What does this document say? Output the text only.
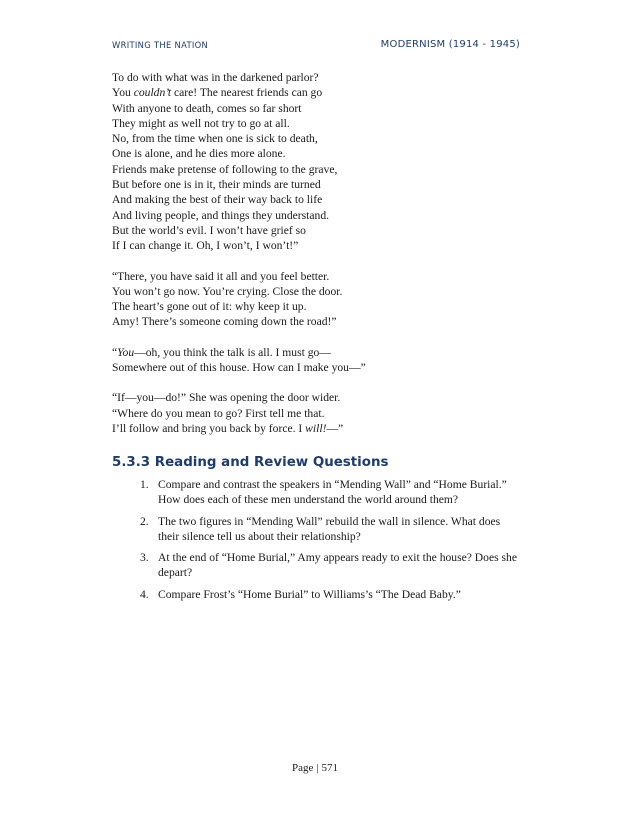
WRITING THE NATION	MODERNISM (1914 - 1945)
To do with what was in the darkened parlor?
You couldn’t care! The nearest friends can go
With anyone to death, comes so far short
They might as well not try to go at all.
No, from the time when one is sick to death,
One is alone, and he dies more alone.
Friends make pretense of following to the grave,
But before one is in it, their minds are turned
And making the best of their way back to life
And living people, and things they understand.
But the world’s evil. I won’t have grief so
If I can change it. Oh, I won’t, I won’t!”
“There, you have said it all and you feel better.
You won’t go now. You’re crying. Close the door.
The heart’s gone out of it: why keep it up.
Amy! There’s someone coming down the road!”
“You—oh, you think the talk is all. I must go—
Somewhere out of this house. How can I make you—”
“If—you—do!” She was opening the door wider.
“Where do you mean to go? First tell me that.
I’ll follow and bring you back by force. I will!—”
5.3.3 Reading and Review Questions
1. Compare and contrast the speakers in “Mending Wall” and “Home Burial.”
How does each of these men understand the world around them?
2. The two figures in “Mending Wall” rebuild the wall in silence. What does
their silence tell us about their relationship?
3. At the end of “Home Burial,” Amy appears ready to exit the house? Does she
depart?
4. Compare Frost’s “Home Burial” to Williams’s “The Dead Baby.”
Page | 571
